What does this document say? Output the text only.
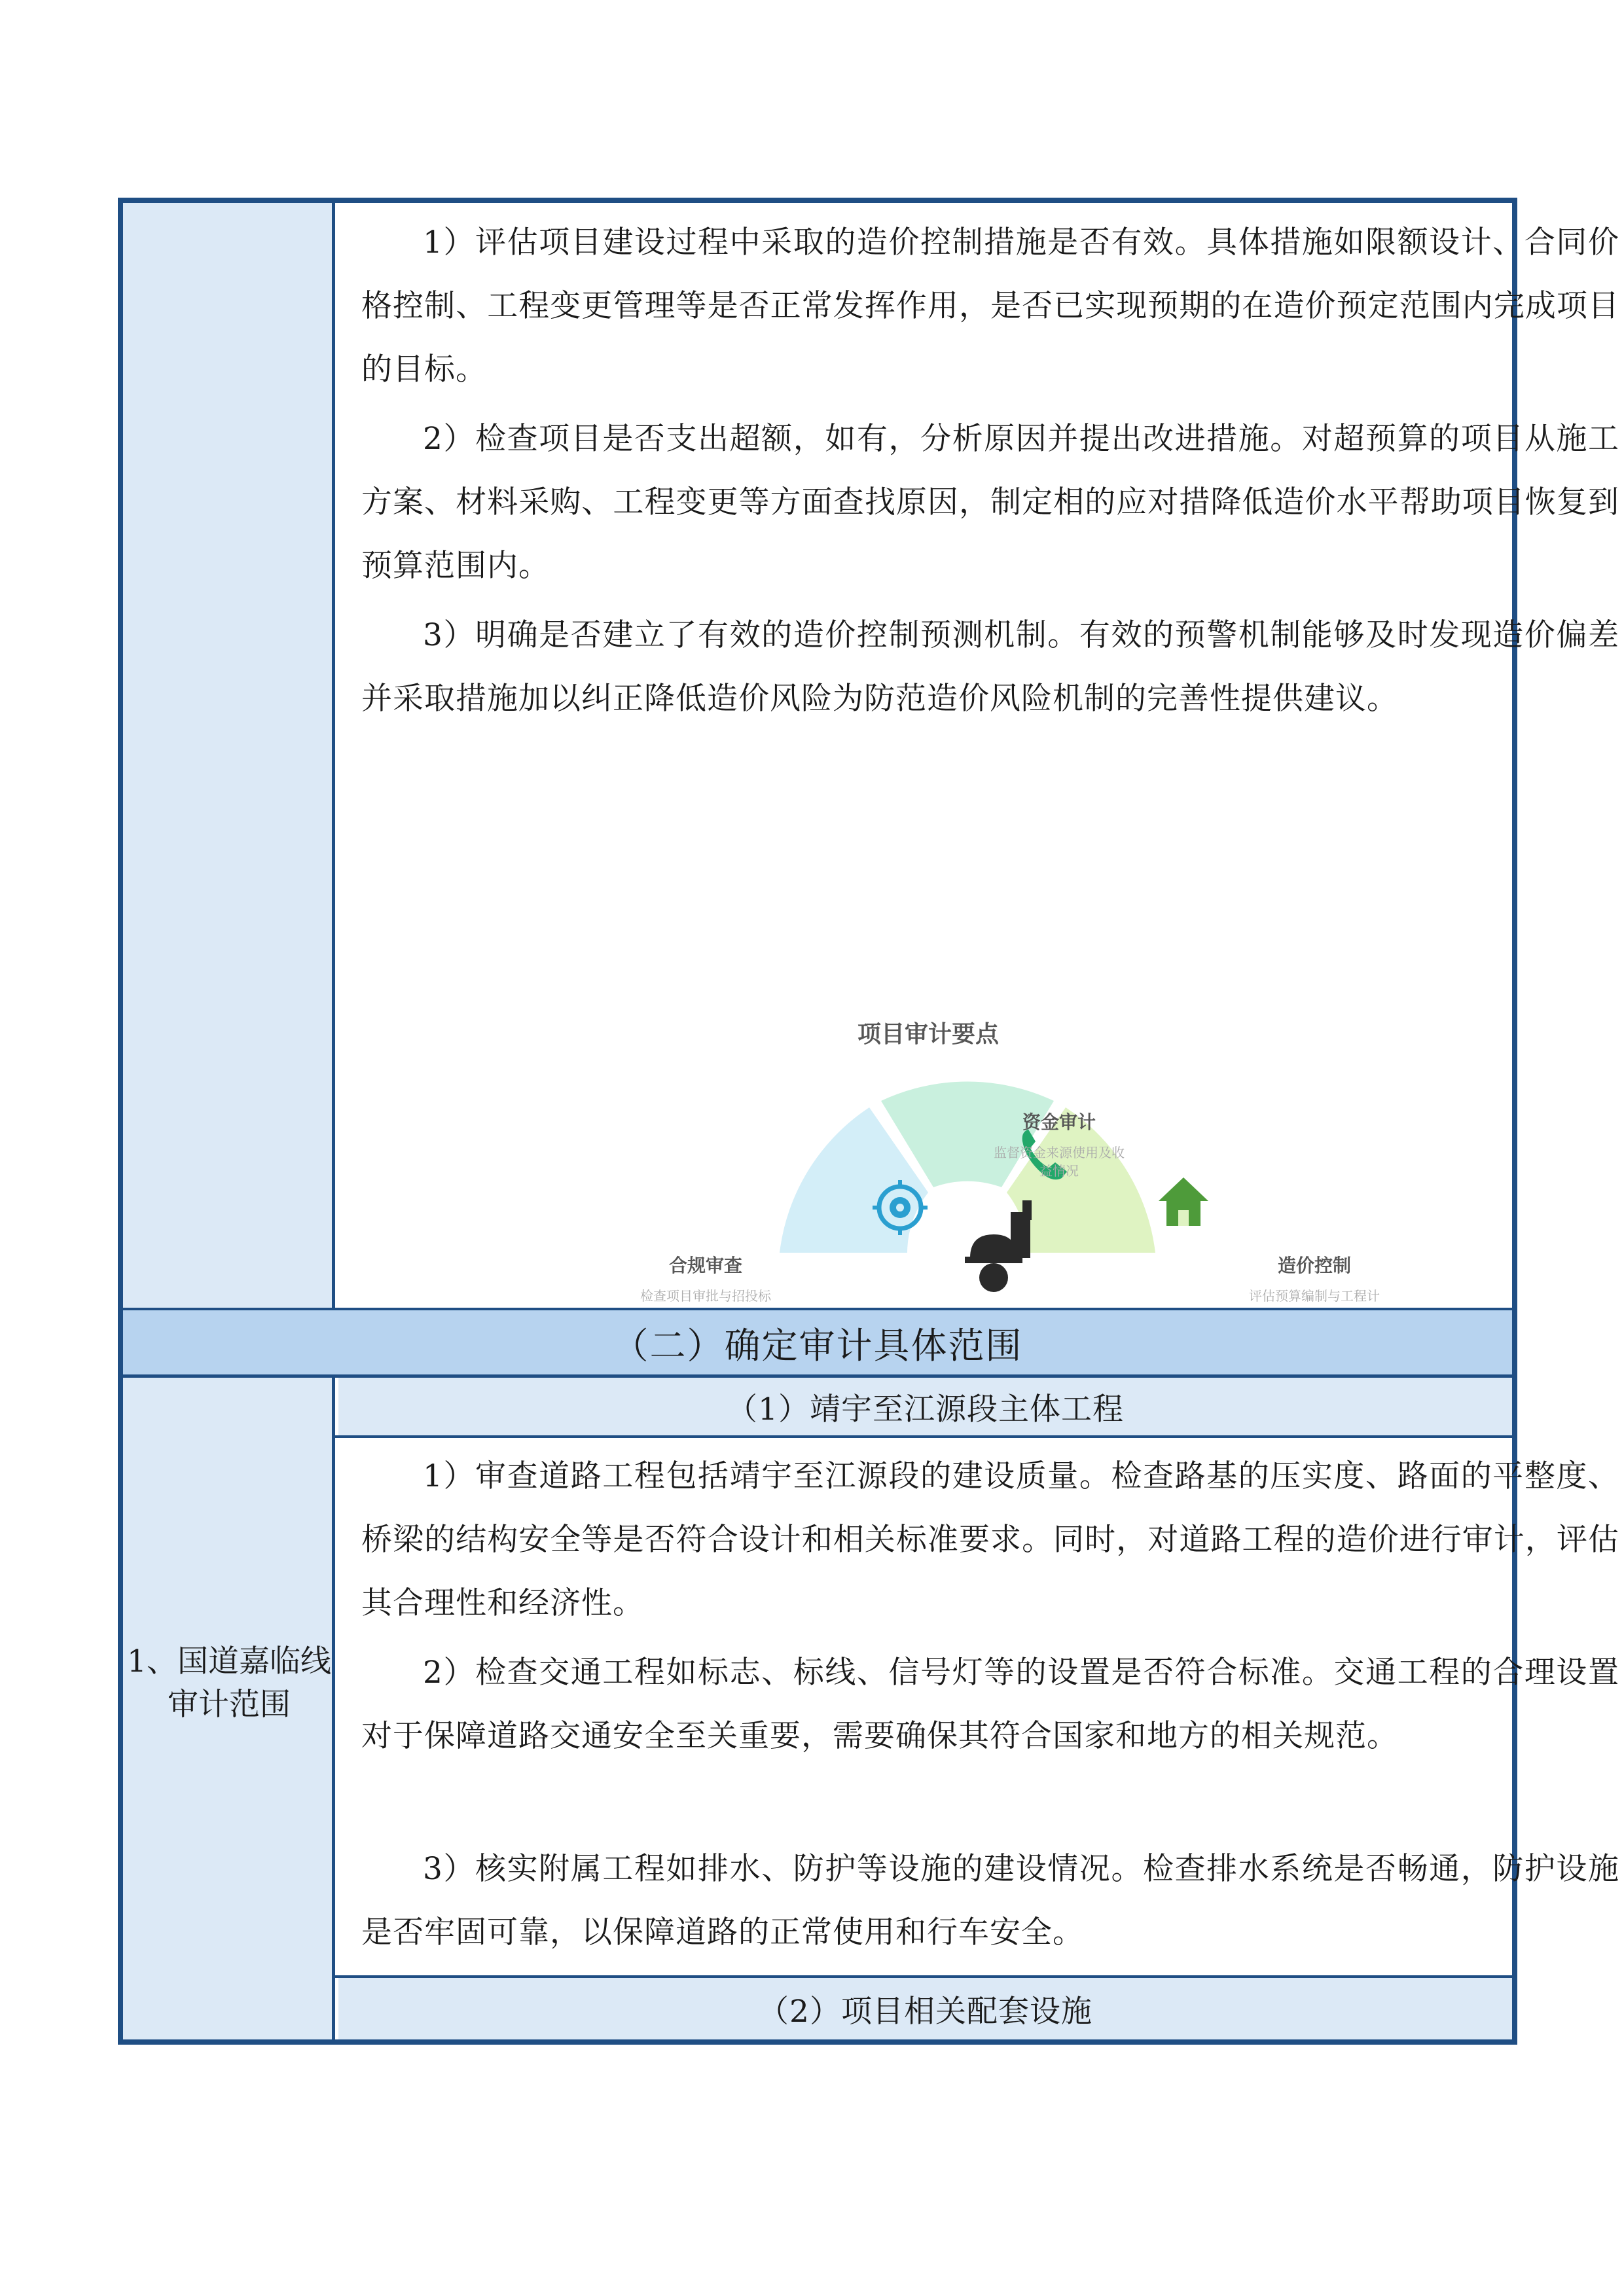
1）评估项目建设过程中采取的造价控制措施是否有效。具体措施如限额设计、合同价格控制、工程变更管理等是否正常发挥作用，是否已实现预期的在造价预定范围内完成项目的目标。

2）检查项目是否支出超额，如有，分析原因并提出改进措施。对超预算的项目从施工方案、材料采购、工程变更等方面查找原因，制定相的应对措降低造价水平帮助项目恢复到预算范围内。

3）明确是否建立了有效的造价控制预测机制。有效的预警机制能够及时发现造价偏差并采取措施加以纠正降低造价风险为防范造价风险机制的完善性提供建议。

项目审计要点
资金审计
监督资金来源使用及收
益情况
合规审查
检查项目审批与招投标
造价控制
评估预算编制与工程计
（二）确定审计具体范围
1、国道嘉临线审计范围
（1）靖宇至江源段主体工程

1）审查道路工程包括靖宇至江源段的建设质量。检查路基的压实度、路面的平整度、桥梁的结构安全等是否符合设计和相关标准要求。同时，对道路工程的造价进行审计，评估其合理性和经济性。

2）检查交通工程如标志、标线、信号灯等的设置是否符合标准。交通工程的合理设置对于保障道路交通安全至关重要，需要确保其符合国家和地方的相关规范。

3）核实附属工程如排水、防护等设施的建设情况。检查排水系统是否畅通，防护设施是否牢固可靠，以保障道路的正常使用和行车安全。

（2）项目相关配套设施
